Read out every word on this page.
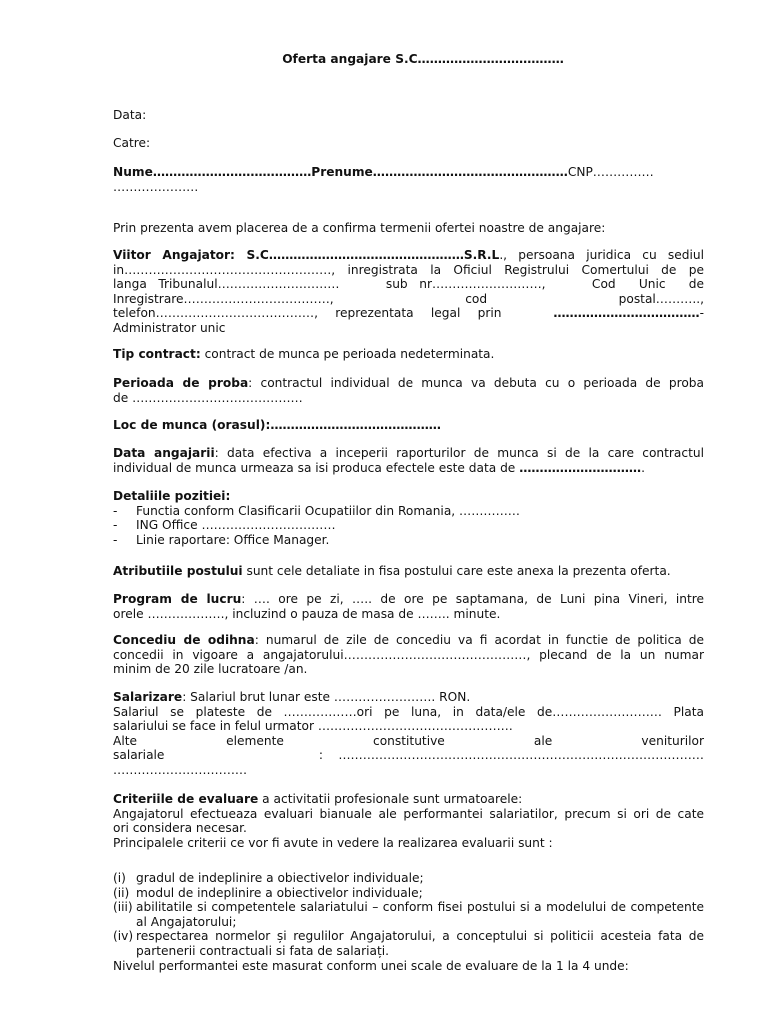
Oferta angajare S.C………………………………
Data:
Catre:

Nume…………………………………Prenume…………………………………………CNP……………

…………………

Prin prezenta avem placerea de a confirma termenii ofertei noastre de angajare:

Viitor Angajator: S.C…………………………………………S.R.L., persoana juridica cu sediul

in……………………………………………, inregistrata la Oficiul Registrului Comertului de pe

langa Tribunalul…………………………    sub nr………………………,    Cod  Unic  de

Inregistrare………………………………,              cod              postal………..,

telefon…………………………………, reprezentata legal prin	………………………………-

Administrator unic

Tip contract: contract de munca pe perioada nedeterminata.

Perioada de proba: contractul individual de munca va debuta cu o perioada de proba

de ……………………………………

Loc de munca (orasul):……………………………………

Data angajarii: data efectiva a inceperii raporturilor de munca si de la care contractul

individual de munca urmeaza sa isi produca efectele este data de ………………………….

Detaliile pozitiei:

- Functia conform Clasificarii Ocupatiilor din Romania, ……………
- ING Office ……………………………
- Linie raportare: Office Manager.

Atributiile postului sunt cele detaliate in fisa postului care este anexa la prezenta oferta.

Program de lucru: …. ore pe zi, ….. de ore pe saptamana, de Luni pina Vineri, intre

orele ………………., incluzind o pauza de masa de …….. minute.

Concediu de odihna: numarul de zile de concediu va fi acordat in functie de politica de

concedii in vigoare a angajatorului………………………………………, plecand de la un numar

minim de 20 zile lucratoare /an.

Salarizare: Salariul brut lunar este ……………………. RON.

Salariul se plateste de ………………ori pe luna, in data/ele de……………………… Plata

salariului se face in felul urmator …………………………………………

Alte          elemente          constitutive          ale          veniturilor

salariale          : ………………………………………………………………………………

……………………………

Criteriile de evaluare a activitatii profesionale sunt urmatoarele:

Angajatorul efectueaza evaluari bianuale ale performantei salariatilor, precum si ori de cate

ori considera necesar.

Principalele criterii ce vor fi avute in vedere la realizarea evaluarii sunt :

(i) gradul de indeplinire a obiectivelor individuale;
(ii) modul de indeplinire a obiectivelor individuale;
(iii) abilitatile si competentele salariatului – conform fisei postului si a modelului de competente al Angajatorului;
(iv) respectarea normelor și regulilor Angajatorului, a conceptului si politicii acesteia fata de partenerii contractuali si fata de salariați.

Nivelul performantei este masurat conform unei scale de evaluare de la 1 la 4 unde:
